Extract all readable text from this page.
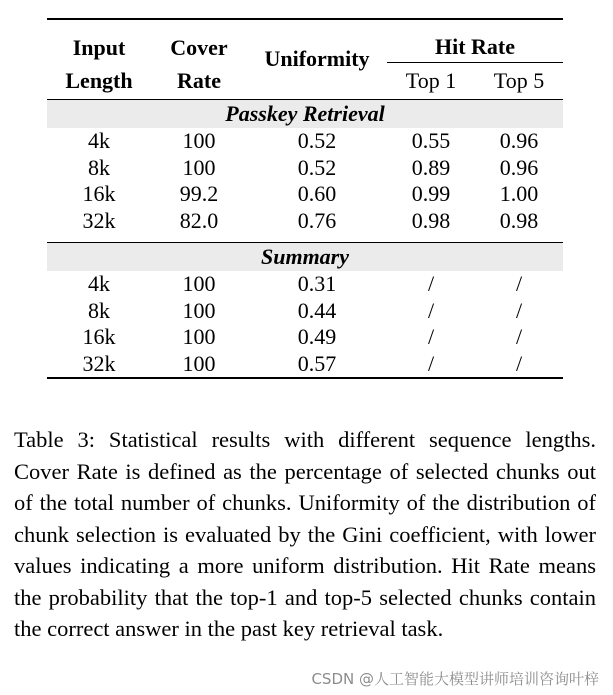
Input	Cover	Uniformity	Hit Rate	
Length	Rate		Top 1	Top 5
Passkey Retrieval				
4k	100	0.52	0.55	0.96
8k	100	0.52	0.89	0.96
16k	99.2	0.60	0.99	1.00
32k	82.0	0.76	0.98	0.98

Summary				
4k	100	0.31	/	/
8k	100	0.44	/	/
16k	100	0.49	/	/
32k	100	0.57	/	/

Table 3: Statistical results with different sequence lengths. Cover Rate is defined as the percentage of selected chunks out of the total number of chunks. Uniformity of the distribution of chunk selection is evaluated by the Gini coefficient, with lower values indicating a more uniform distribution. Hit Rate means the probability that the top-1 and top-5 selected chunks contain the correct answer in the past key retrieval task.

CSDN @人工智能大模型讲师培训咨询叶梓
